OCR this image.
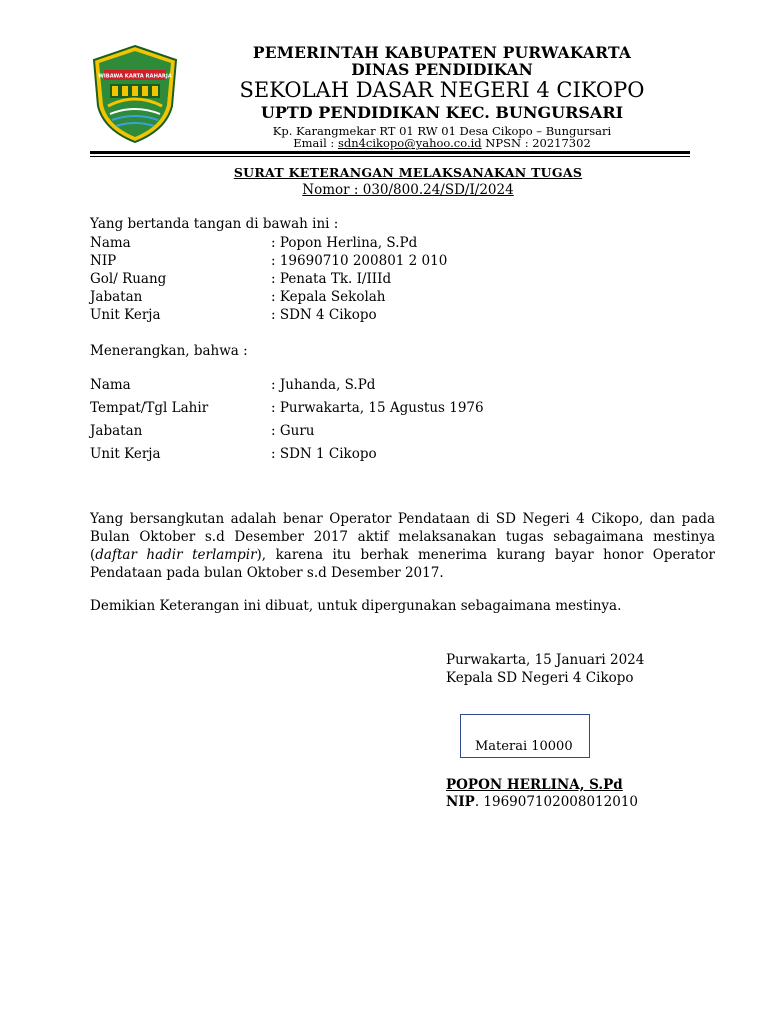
WIBAWA KARTA RAHARJA
PEMERINTAH KABUPATEN PURWAKARTA
DINAS PENDIDIKAN
SEKOLAH DASAR NEGERI 4 CIKOPO
UPTD PENDIDIKAN KEC. BUNGURSARI
Kp. Karangmekar RT 01 RW 01 Desa Cikopo – Bungursari
Email : sdn4cikopo@yahoo.co.id NPSN : 20217302
SURAT KETERANGAN MELAKSANAKAN TUGAS
Nomor : 030/800.24/SD/I/2024
Yang bertanda tangan di bawah ini :
Nama	: Popon Herlina, S.Pd
NIP	: 19690710 200801 2 010
Gol/ Ruang	: Penata Tk. I/IIId
Jabatan	: Kepala Sekolah
Unit Kerja	: SDN 4 Cikopo
Menerangkan, bahwa :
Nama	: Juhanda, S.Pd
Tempat/Tgl Lahir	: Purwakarta, 15 Agustus 1976
Jabatan	: Guru
Unit Kerja	: SDN 1 Cikopo
Yang bersangkutan adalah benar Operator Pendataan di SD Negeri 4 Cikopo, dan pada Bulan Oktober s.d Desember 2017 aktif melaksanakan tugas sebagaimana mestinya (daftar hadir terlampir), karena itu berhak menerima kurang bayar honor Operator Pendataan pada bulan Oktober s.d Desember 2017.
Demikian Keterangan ini dibuat, untuk dipergunakan sebagaimana mestinya.
Purwakarta, 15 Januari 2024
Kepala SD Negeri 4 Cikopo
Materai 10000
POPON HERLINA, S.Pd
NIP. 196907102008012010
